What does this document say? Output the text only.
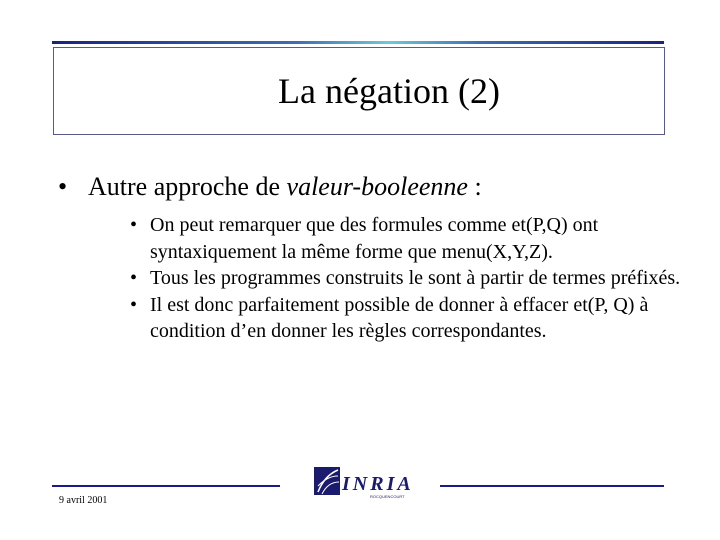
La négation (2)
• Autre approche de valeur-booleenne :

• On peut remarquer que des formules comme et(P,Q) ont syntaxiquement la même forme que menu(X,Y,Z).

• Tous les programmes construits le sont à partir de termes préfixés.

• Il est donc parfaitement possible de donner à effacer et(P, Q) à condition d’en donner les règles correspondantes.

INRIA
ROCQUENCOURT
9 avril 2001
